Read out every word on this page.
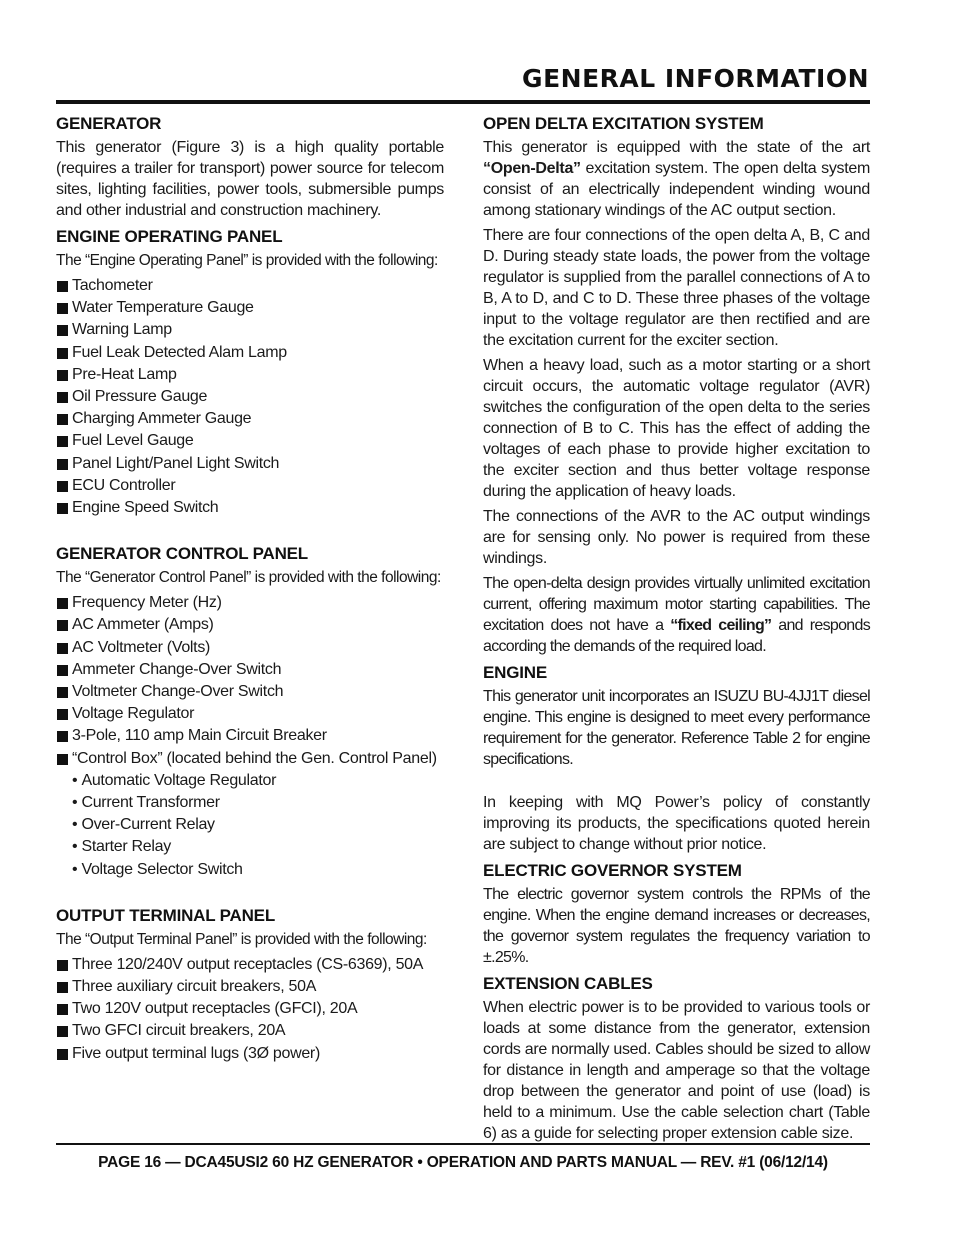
GENERAL INFORMATION
GENERATOR

This generator (Figure 3) is a high quality portable (requires a trailer for transport) power source for telecom sites, lighting facilities, power tools, submersible pumps and other industrial and construction machinery.

ENGINE OPERATING PANEL

The “Engine Operating Panel” is provided with the following:

Tachometer
Water Temperature Gauge
Warning Lamp
Fuel Leak Detected Alam Lamp
Pre-Heat Lamp
Oil Pressure Gauge
Charging Ammeter Gauge
Fuel Level Gauge
Panel Light/Panel Light Switch
ECU Controller
Engine Speed Switch
GENERATOR CONTROL PANEL

The “Generator Control Panel” is provided with the following:

Frequency Meter (Hz)
AC Ammeter (Amps)
AC Voltmeter (Volts)
Ammeter Change-Over Switch
Voltmeter Change-Over Switch
Voltage Regulator
3-Pole, 110 amp Main Circuit Breaker
“Control Box” (located behind the Gen. Control Panel)
• Automatic Voltage Regulator
• Current Transformer
• Over-Current Relay
• Starter Relay
• Voltage Selector Switch
OUTPUT TERMINAL PANEL

The “Output Terminal Panel” is provided with the following:

Three 120/240V output receptacles (CS-6369), 50A
Three auxiliary circuit breakers, 50A
Two 120V output receptacles (GFCI), 20A
Two GFCI circuit breakers, 20A
Five output terminal lugs (3Ø power)
OPEN DELTA EXCITATION SYSTEM

This generator is equipped with the state of the art “Open-Delta” excitation system. The open delta system consist of an electrically independent winding wound among stationary windings of the AC output section.

There are four connections of the open delta A, B, C and D. During steady state loads, the power from the voltage regulator is supplied from the parallel connections of A to B, A to D, and C to D. These three phases of the voltage input to the voltage regulator are then rectified and are the excitation current for the exciter section.

When a heavy load, such as a motor starting or a short circuit occurs, the automatic voltage regulator (AVR) switches the configuration of the open delta to the series connection of B to C. This has the effect of adding the voltages of each phase to provide higher excitation to the exciter section and thus better voltage response during the application of heavy loads.

The connections of the AVR to the AC output windings are for sensing only. No power is required from these windings.

The open-delta design provides virtually unlimited excitation current, offering maximum motor starting capabilities. The excitation does not have a “fixed ceiling” and responds according the demands of the required load.

ENGINE

This generator unit incorporates an ISUZU BU-4JJ1T diesel engine. This engine is designed to meet every performance requirement for the generator. Reference Table 2 for engine specifications.

In keeping with MQ Power’s policy of constantly improving its products, the specifications quoted herein are subject to change without prior notice.

ELECTRIC GOVERNOR SYSTEM

The electric governor system controls the RPMs of the engine. When the engine demand increases or decreases, the governor system regulates the frequency variation to ±.25%.

EXTENSION CABLES

When electric power is to be provided to various tools or loads at some distance from the generator, extension cords are normally used. Cables should be sized to allow for distance in length and amperage so that the voltage drop between the generator and point of use (load) is held to a minimum. Use the cable selection chart (Table 6) as a guide for selecting proper extension cable size.

PAGE 16 — DCA45USI2 60 HZ GENERATOR • OPERATION AND PARTS MANUAL — REV. #1 (06/12/14)
